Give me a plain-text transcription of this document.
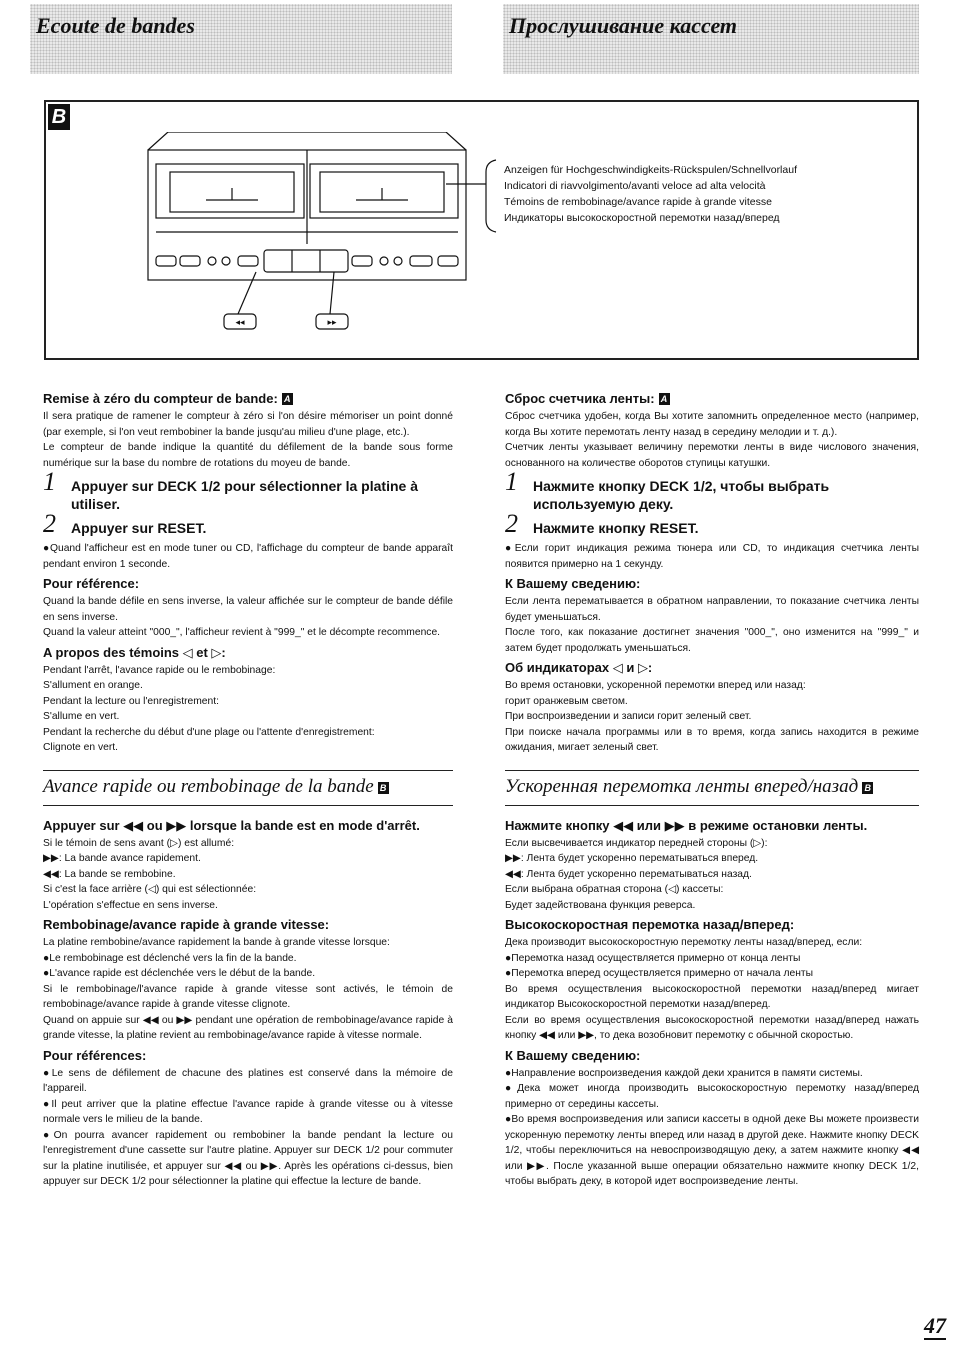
Ecoute de bandes	Прослушивание кассет
B
◂◂	▸▸
Anzeigen für Hochgeschwindigkeits-Rückspulen/Schnellvorlauf
Indicatori di riavvolgimento/avanti veloce ad alta velocità
Témoins de rembobinage/avance rapide à grande vitesse
Индикаторы высокоскоростной перемотки назад/вперед
Remise à zéro du compteur de bande: A

Il sera pratique de ramener le compteur à zéro si l'on désire mémoriser un point donné (par exemple, si l'on veut rembobiner la bande jusqu'au milieu d'une plage, etc.).

Le compteur de bande indique la quantité du défilement de la bande sous forme numérique sur la base du nombre de rotations du moyeu de bande.

1 Appuyer sur DECK 1/2 pour sélectionner la platine à utiliser.
2 Appuyer sur RESET.

●Quand l'afficheur est en mode tuner ou CD, l'affichage du compteur de bande apparaît pendant environ 1 seconde.

Pour référence:

Quand la bande défile en sens inverse, la valeur affichée sur le compteur de bande défile en sens inverse.

Quand la valeur atteint "000_", l'afficheur revient à "999_" et le décompte recommence.

A propos des témoins ◁ et ▷:

Pendant l'arrêt, l'avance rapide ou le rembobinage:

S'allument en orange.

Pendant la lecture ou l'enregistrement:

S'allume en vert.

Pendant la recherche du début d'une plage ou l'attente d'enregistrement:

Clignote en vert.

Avance rapide ou rembobinage de la bande B
Appuyer sur ◀◀ ou ▶▶ lorsque la bande est en mode d'arrêt.

Si le témoin de sens avant (▷) est allumé:

▶▶: La bande avance rapidement.

◀◀: La bande se rembobine.

Si c'est la face arrière (◁) qui est sélectionnée:

L'opération s'effectue en sens inverse.

Rembobinage/avance rapide à grande vitesse:

La platine rembobine/avance rapidement la bande à grande vitesse lorsque:

●Le rembobinage est déclenché vers la fin de la bande.

●L'avance rapide est déclenchée vers le début de la bande.

Si le rembobinage/l'avance rapide à grande vitesse sont activés, le témoin de rembobinage/avance rapide à grande vitesse clignote.

Quand on appuie sur ◀◀ ou ▶▶ pendant une opération de rembobinage/avance rapide à grande vitesse, la platine revient au rembobinage/avance rapide à vitesse normale.

Pour références:

●Le sens de défilement de chacune des platines est conservé dans la mémoire de l'appareil.

●Il peut arriver que la platine effectue l'avance rapide à grande vitesse ou à vitesse normale vers le milieu de la bande.

●On pourra avancer rapidement ou rembobiner la bande pendant la lecture ou l'enregistrement d'une cassette sur l'autre platine. Appuyer sur DECK 1/2 pour commuter sur la platine inutilisée, et appuyer sur ◀◀ ou ▶▶. Après les opérations ci-dessus, bien appuyer sur DECK 1/2 pour sélectionner la platine qui effectue la lecture de bande.

Сброс счетчика ленты: A

Сброс счетчика удобен, когда Вы хотите запомнить определенное место (например, когда Вы хотите перемотать ленту назад в середину мелодии и т. д.).

Счетчик ленты указывает величину перемотки ленты в виде числового значения, основанного на количестве оборотов ступицы катушки.

1 Нажмите кнопку DECK 1/2, чтобы выбрать используемую деку.
2 Нажмите кнопку RESET.

●Если горит индикация режима тюнера или CD, то индикация счетчика ленты появится примерно на 1 секунду.

К Вашему сведению:

Если лента перематывается в обратном направлении, то показание счетчика ленты будет уменьшаться.

После того, как показание достигнет значения "000_", оно изменится на "999_" и затем будет продолжать уменьшаться.

Об индикаторах ◁ и ▷:

Во время остановки, ускоренной перемотки вперед или назад:

горит оранжевым светом.

При воспроизведении и записи горит зеленый свет.

При поиске начала программы или в то время, когда запись находится в режиме ожидания, мигает зеленый свет.

Ускоренная перемотка ленты вперед/назад B
Нажмите кнопку ◀◀ или ▶▶ в режиме остановки ленты.

Если высвечивается индикатор передней стороны (▷):

▶▶: Лента будет ускоренно перематываться вперед.

◀◀: Лента будет ускоренно перематываться назад.

Если выбрана обратная сторона (◁) кассеты:

Будет задействована функция реверса.

Высокоскоростная перемотка назад/вперед:

Дека производит высокоскоростную перемотку ленты назад/вперед, если:

●Перемотка назад осуществляется примерно от конца ленты

●Перемотка вперед осуществляется примерно от начала ленты

Во время осуществления высокоскоростной перемотки назад/вперед мигает индикатор Высокоскоростной перемотки назад/вперед.

Если во время осуществления высокоскоростной перемотки назад/вперед нажать кнопку ◀◀ или ▶▶, то дека возобновит перемотку с обычной скоростью.

К Вашему сведению:

●Направление воспроизведения каждой деки хранится в памяти системы.

●Дека может иногда производить высокоскоростную перемотку назад/вперед примерно от середины кассеты.

●Во время воспроизведения или записи кассеты в одной деке Вы можете произвести ускоренную перемотку ленты вперед или назад в другой деке. Нажмите кнопку DECK 1/2, чтобы переключиться на невоспроизводящую деку, а затем нажмите кнопку ◀◀ или ▶▶. После указанной выше операции обязательно нажмите кнопку DECK 1/2, чтобы выбрать деку, в которой идет воспроизведение ленты.

47
